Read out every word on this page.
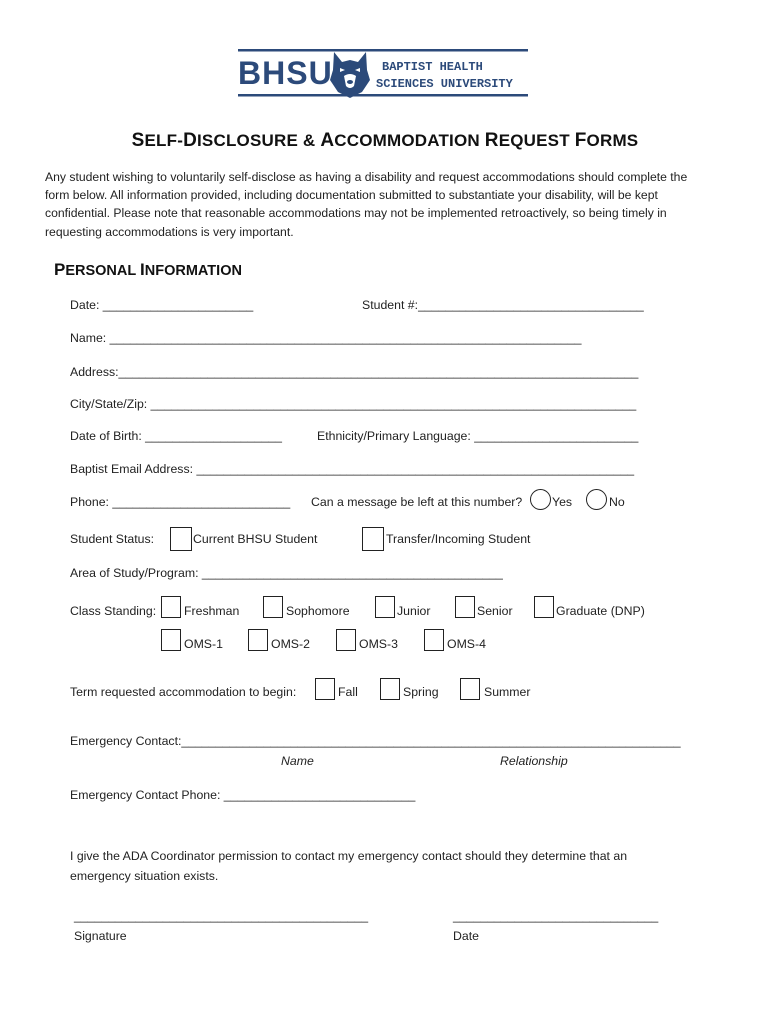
BHSU	BAPTIST HEALTH
SCIENCES UNIVERSITY
SELF-DISCLOSURE & ACCOMMODATION REQUEST FORMS
Any student wishing to voluntarily self-disclose as having a disability and request accommodations should complete the
form below. All information provided, including documentation submitted to substantiate your disability, will be kept
confidential. Please note that reasonable accommodations may not be implemented retroactively, so being timely in
requesting accommodations is very important.
PERSONAL INFORMATION
Date: ______________________	Student #:_________________________________
Name: _____________________________________________________________________
Address:____________________________________________________________________________
City/State/Zip: _______________________________________________________________________
Date of Birth: ____________________	Ethnicity/Primary Language: ________________________
Baptist Email Address: ________________________________________________________________
Phone: __________________________ Can a message be left at this number? Yes	No
Student Status:	Current BHSU Student	Transfer/Incoming Student
Area of Study/Program: ____________________________________________
Class Standing: Freshman	Sophomore	Junior	Senior	Graduate (DNP)
OMS-1	OMS-2	OMS-3	OMS-4
Term requested accommodation to begin:	Fall	Spring	Summer
Emergency Contact:_________________________________________________________________________
Name	Relationship
Emergency Contact Phone: ____________________________
I give the ADA Coordinator permission to contact my emergency contact should they determine that an
emergency situation exists.
___________________________________________
Signature
______________________________
Date
